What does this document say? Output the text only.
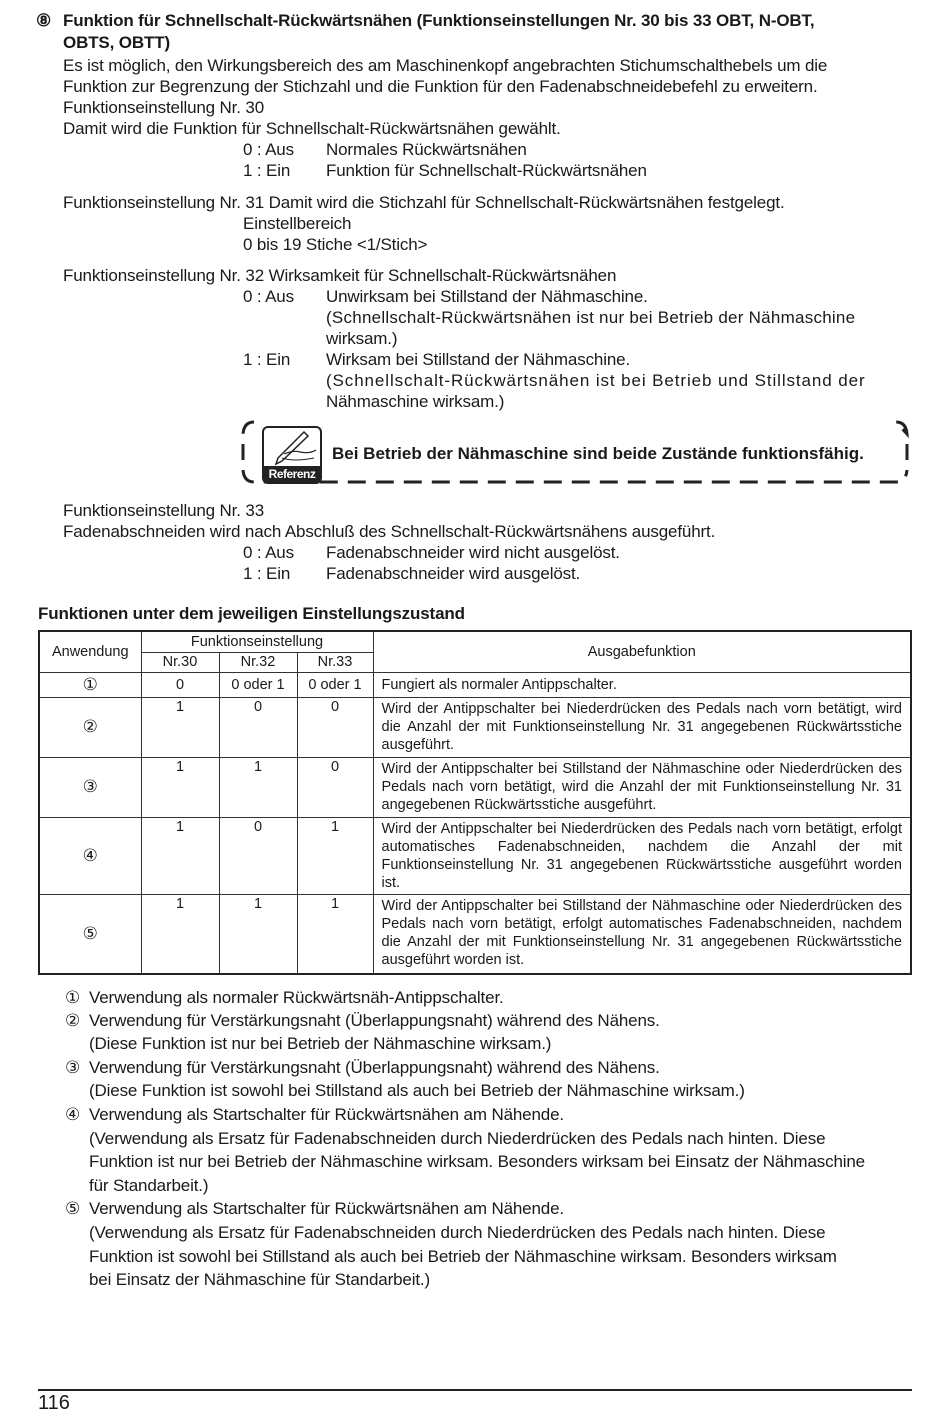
⑧ Funktion für Schnellschalt-Rückwärtsnähen (Funktionseinstellungen Nr. 30 bis 33 OBT, N-OBT,
OBTS, OBTT)
Es ist möglich, den Wirkungsbereich des am Maschinenkopf angebrachten Stichumschalthebels um die
Funktion zur Begrenzung der Stichzahl und die Funktion für den Fadenabschneidebefehl zu erweitern.
Funktionseinstellung Nr. 30
Damit wird die Funktion für Schnellschalt-Rückwärtsnähen gewählt.
0 : Aus Normales Rückwärtsnähen
1 : Ein Funktion für Schnellschalt-Rückwärtsnähen
Funktionseinstellung Nr. 31 Damit wird die Stichzahl für Schnellschalt-Rückwärtsnähen festgelegt.
Einstellbereich
0 bis 19 Stiche <1/Stich>
Funktionseinstellung Nr. 32 Wirksamkeit für Schnellschalt-Rückwärtsnähen
0 : Aus Unwirksam bei Stillstand der Nähmaschine.
(Schnellschalt-Rückwärtsnähen ist nur bei Betrieb der Nähmaschine
wirksam.)
1 : Ein Wirksam bei Stillstand der Nähmaschine.
(Schnellschalt-Rückwärtsnähen ist bei Betrieb und Stillstand der
Nähmaschine wirksam.)
Referenz
Bei Betrieb der Nähmaschine sind beide Zustände funktionsfähig.
Funktionseinstellung Nr. 33
Fadenabschneiden wird nach Abschluß des Schnellschalt-Rückwärtsnähens ausgeführt.
0 : Aus Fadenabschneider wird nicht ausgelöst.
1 : Ein Fadenabschneider wird ausgelöst.
Funktionen unter dem jeweiligen Einstellungszustand
Anwendung	Funktionseinstellung			Ausgabefunktion
	Nr.30	Nr.32	Nr.33	
①	0	0 oder 1	0 oder 1	Fungiert als normaler Antippschalter.
②	1	0	0	Wird der Antippschalter bei Niederdrücken des Pedals nach vorn betätigt, wird die Anzahl der mit Funktionseinstellung Nr. 31 angegebenen Rückwärtsstiche ausgeführt.
③	1	1	0	Wird der Antippschalter bei Stillstand der Nähmaschine oder Niederdrücken des Pedals nach vorn betätigt, wird die Anzahl der mit Funktionseinstellung Nr. 31 angegebenen Rückwärtsstiche ausgeführt.
④	1	0	1	Wird der Antippschalter bei Niederdrücken des Pedals nach vorn betätigt, erfolgt automatisches Fadenabschneiden, nachdem die Anzahl der mit Funktionseinstellung Nr. 31 angegebenen Rückwärtsstiche ausgeführt worden ist.
⑤	1	1	1	Wird der Antippschalter bei Stillstand der Nähmaschine oder Niederdrücken des Pedals nach vorn betätigt, erfolgt automatisches Fadenabschneiden, nachdem die Anzahl der mit Funktionseinstellung Nr. 31 angegebenen Rückwärtsstiche ausgeführt worden ist.
① Verwendung als normaler Rückwärtsnäh-Antippschalter.
② Verwendung für Verstärkungsnaht (Überlappungsnaht) während des Nähens.
(Diese Funktion ist nur bei Betrieb der Nähmaschine wirksam.)
③ Verwendung für Verstärkungsnaht (Überlappungsnaht) während des Nähens.
(Diese Funktion ist sowohl bei Stillstand als auch bei Betrieb der Nähmaschine wirksam.)
④ Verwendung als Startschalter für Rückwärtsnähen am Nähende.
(Verwendung als Ersatz für Fadenabschneiden durch Niederdrücken des Pedals nach hinten. Diese
Funktion ist nur bei Betrieb der Nähmaschine wirksam. Besonders wirksam bei Einsatz der Nähmaschine
für Standarbeit.)
⑤ Verwendung als Startschalter für Rückwärtsnähen am Nähende.
(Verwendung als Ersatz für Fadenabschneiden durch Niederdrücken des Pedals nach hinten. Diese
Funktion ist sowohl bei Stillstand als auch bei Betrieb der Nähmaschine wirksam. Besonders wirksam
bei Einsatz der Nähmaschine für Standarbeit.)
116
